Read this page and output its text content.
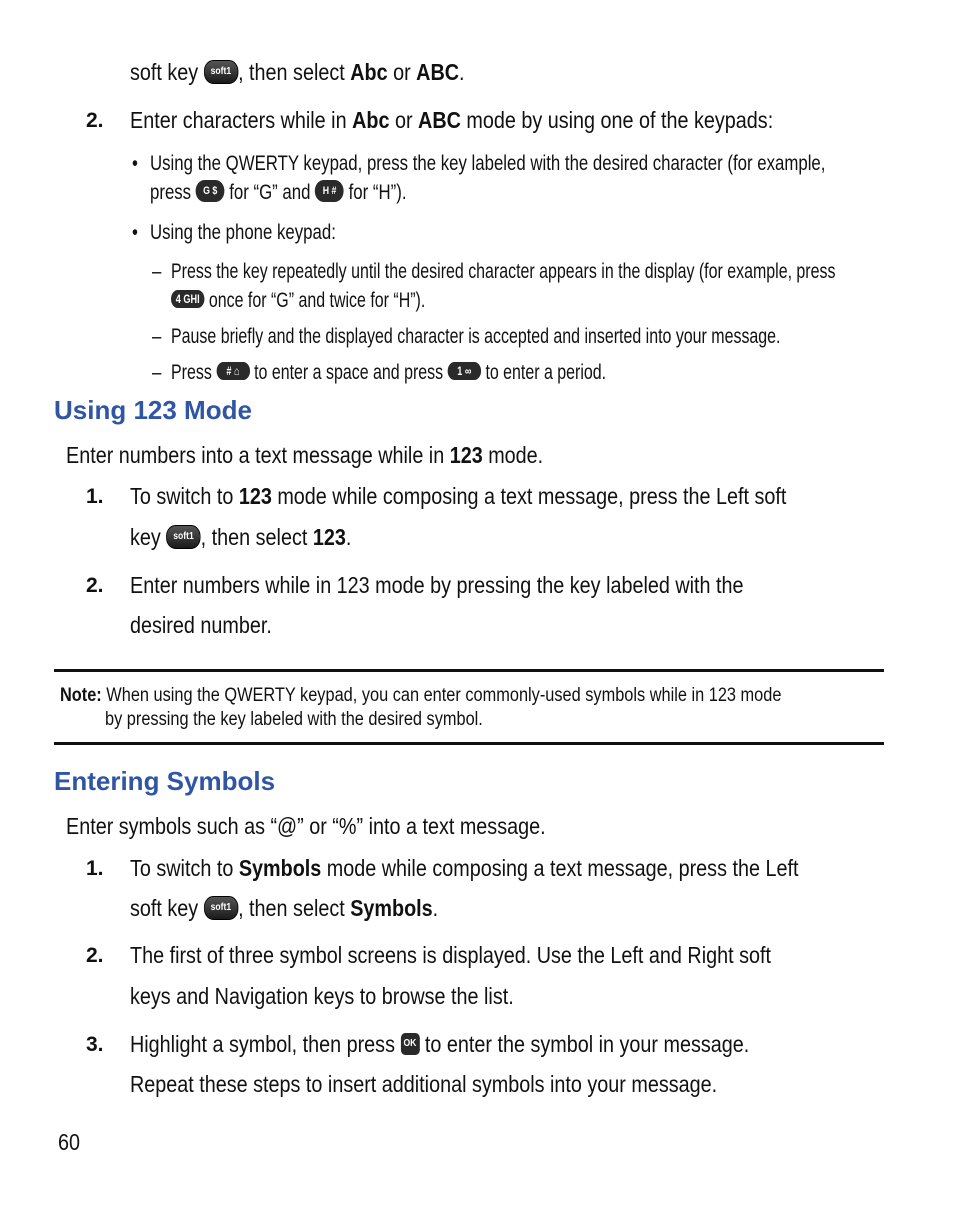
soft key soft1 , then select Abc or ABC.
2. Enter characters while in Abc or ABC mode by using one of the keypads:
• Using the QWERTY keypad, press the key labeled with the desired character (for example,
press G $ for “G” and H # for “H”).
• Using the phone keypad:
– Press the key repeatedly until the desired character appears in the display (for example, press
4 GHI once for “G” and twice for “H”).
– Pause briefly and the displayed character is accepted and inserted into your message.
– Press # ⌂ to enter a space and press 1 ∞ to enter a period.
Using 123 Mode
Enter numbers into a text message while in 123 mode.
1. To switch to 123 mode while composing a text message, press the Left soft
key soft1 , then select 123.
2. Enter numbers while in 123 mode by pressing the key labeled with the
desired number.
Note: When using the QWERTY keypad, you can enter commonly-used symbols while in 123 mode
by pressing the key labeled with the desired symbol.
Entering Symbols
Enter symbols such as “@” or “%” into a text message.
1. To switch to Symbols mode while composing a text message, press the Left
soft key soft1 , then select Symbols.
2. The first of three symbol screens is displayed. Use the Left and Right soft
keys and Navigation keys to browse the list.
3. Highlight a symbol, then press OK to enter the symbol in your message.
Repeat these steps to insert additional symbols into your message.
60
